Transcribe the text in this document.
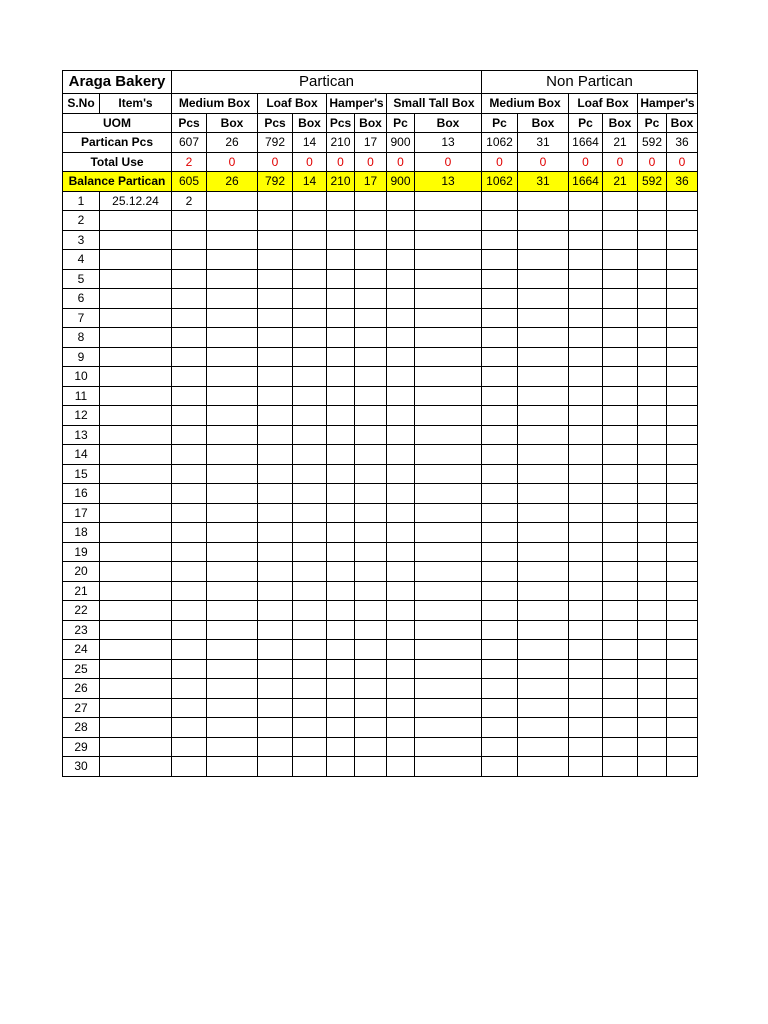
Araga Bakery		Partican								Non Partican					
S.No	Item's	Medium Box		Loaf Box		Hamper's		Small Tall Box		Medium Box		Loaf Box		Hamper's	
UOM		Pcs	Box	Pcs	Box	Pcs	Box	Pc	Box	Pc	Box	Pc	Box	Pc	Box
Partican Pcs		607	26	792	14	210	17	900	13	1062	31	1664	21	592	36
Total Use		2	0	0	0	0	0	0	0	0	0	0	0	0	0
Balance Partican		605	26	792	14	210	17	900	13	1062	31	1664	21	592	36
1	25.12.24	2													
2															
3															
4															
5															
6															
7															
8															
9															
10															
11															
12															
13															
14															
15															
16															
17															
18															
19															
20															
21															
22															
23															
24															
25															
26															
27															
28															
29															
30															
